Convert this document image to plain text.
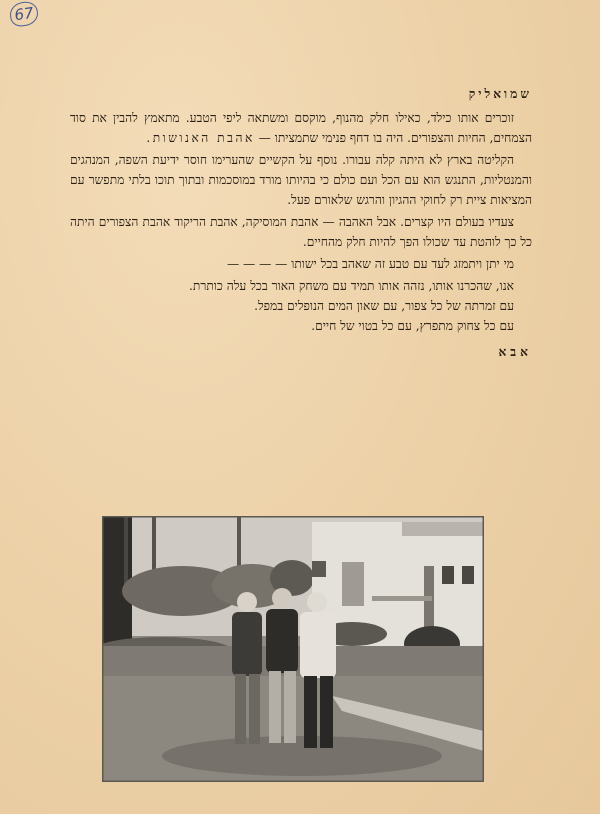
67
שמואליק
זוכרים אותו כילד, כאילו חלק מהנוף, מוקסם ומשתאה ליפי הטבע. מתאמץ להבין את סוד הצמחים, החיות והצפורים. היה בו דחף פנימי שתמציתו — אהבת האנושות.
הקליטה בארץ לא היתה קלה עבורו. נוסף על הקשיים שהערימו חוסר ידיעת השפה, המנהגים והמנטליות, התנגש הוא עם הכל ועם כולם כי בהיותו מורד במוסכמות ובתוך תוכו בלתי מתפשר עם המציאות ציית רק לחוקי ההגיון והרגש שלאורם פעל.
צעדיו בעולם היו קצרים. אבל האהבה — אהבת המוסיקה, אהבת הריקוד אהבת הצפורים היתה כל כך לוהטת עד שכולו הפך להיות חלק מהחיים.
מי יתן ויתמזג לעד עם טבע זה שאהב בכל ישותו — — — —
אנו, שהכרנו אותו, נזהה אותו תמיד עם משחק האור בכל עלה כותרת.
עם זמרתה של כל צפור, עם שאון המים הנופלים במפל.
עם כל צחוק מתפרץ, עם כל בטוי של חיים.
אבא
